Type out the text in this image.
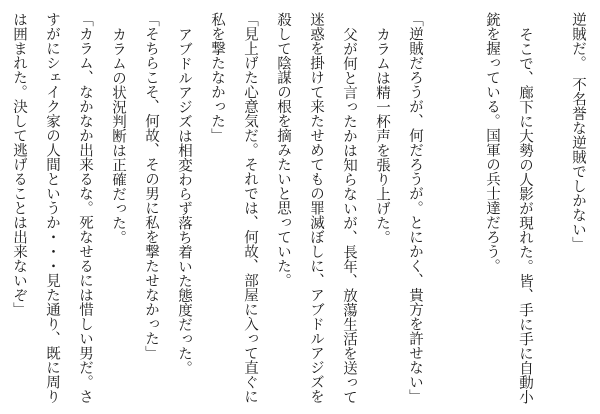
逆賊だ。　不名誉な逆賊でしかない」

そこで、廊下に大勢の人影が現れた。皆、手に手に自動小銃を握っている。国軍の兵士達だろう。

「逆賊だろうが、何だろうが。とにかく、貴方を許せない」

カラムは精一杯声を張り上げた。

父が何と言ったかは知らないが、長年、放蕩生活を送って迷惑を掛けて来たせめてもの罪滅ぼしに、アブドルアジズを殺して陰謀の根を摘みたいと思っていた。

「見上げた心意気だ。それでは、何故、部屋に入って直ぐに私を撃たなかった」

アブドルアジズは相変わらず落ち着いた態度だった。

「そちらこそ、何故、その男に私を撃たせなかった」

カラムの状況判断は正確だった。

「カラム、なかなか出来るな。死なせるには惜しい男だ。さすがにシェイク家の人間というか・・・見た通り、既に周りは囲まれた。決して逃げることは出来ないぞ」
